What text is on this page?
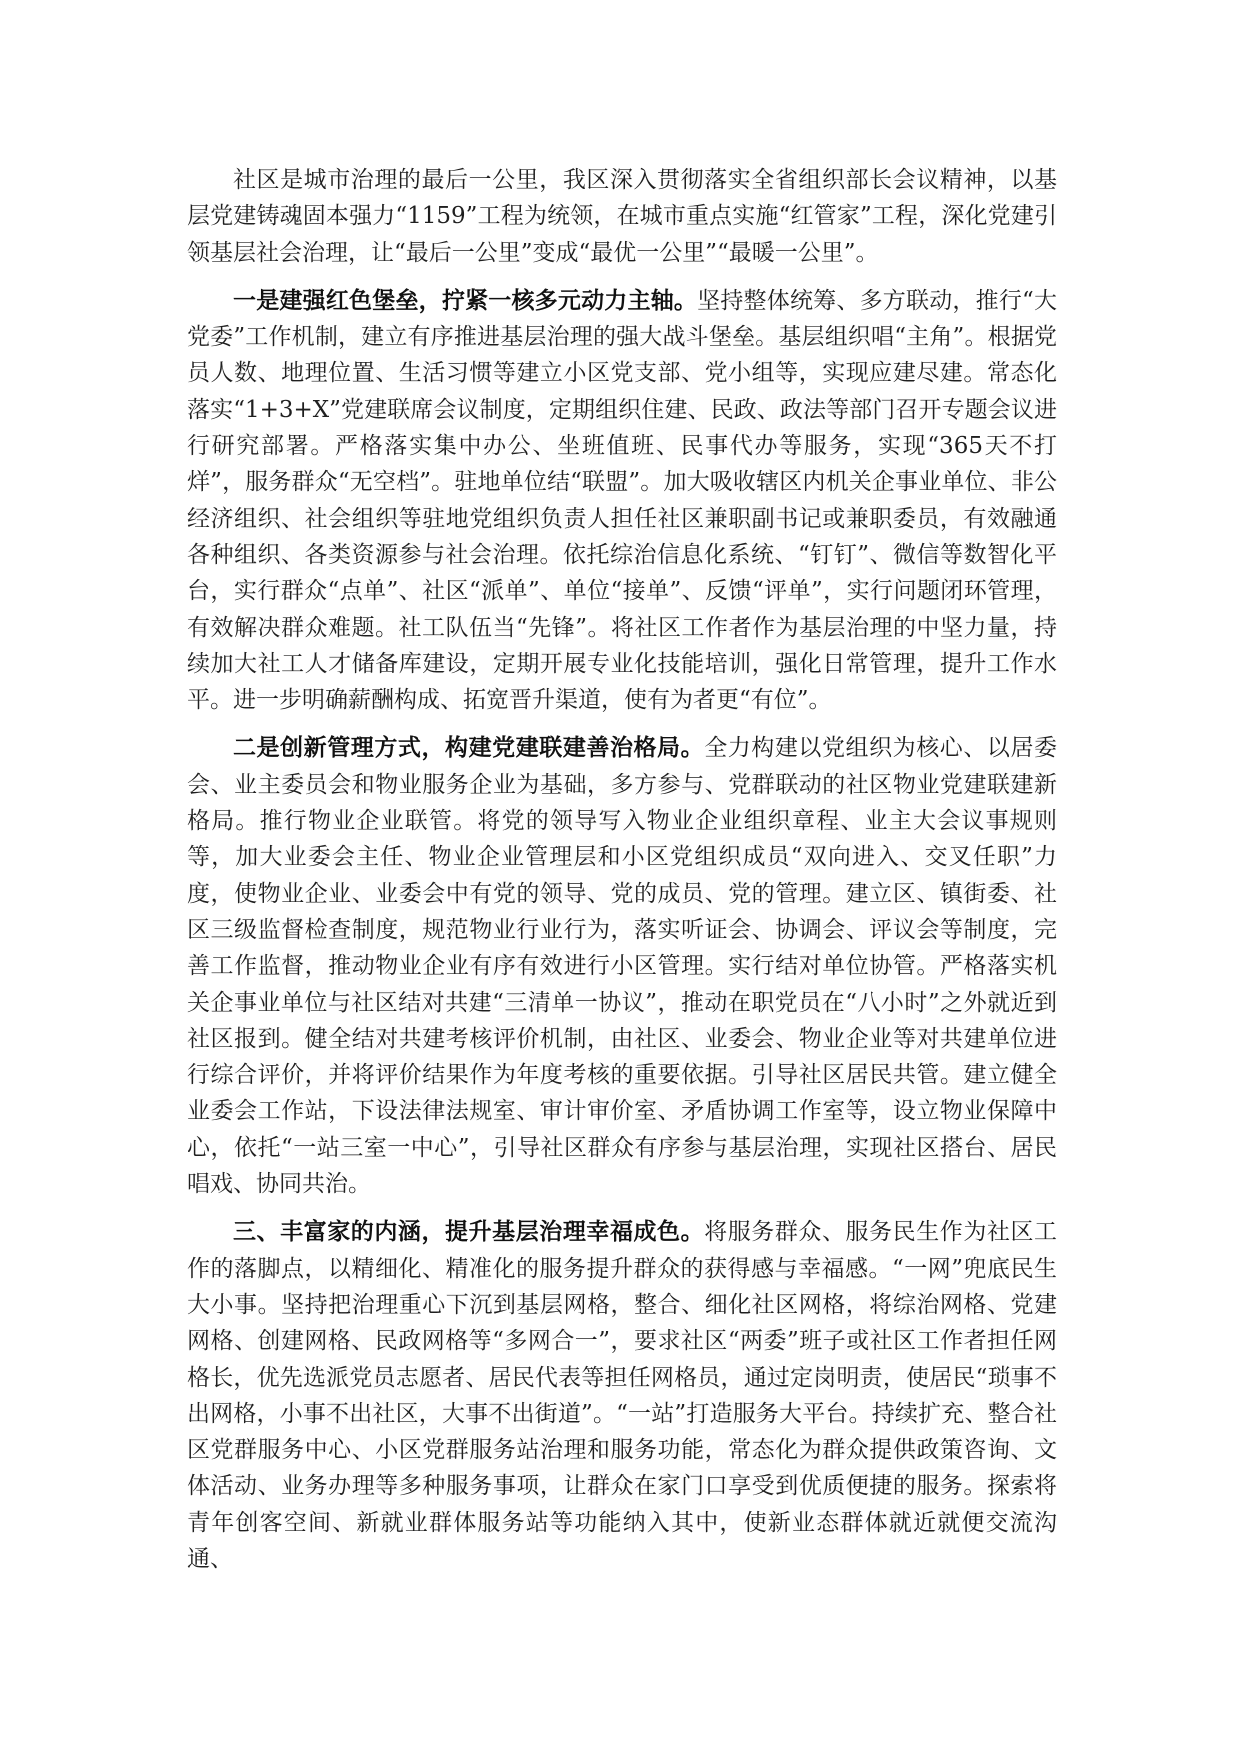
社区是城市治理的最后一公里，我区深入贯彻落实全省组织部长会议精神，以基层党建铸魂固本强力“1159”工程为统领，在城市重点实施“红管家”工程，深化党建引领基层社会治理，让“最后一公里”变成“最优一公里”“最暖一公里”。

一是建强红色堡垒，拧紧一核多元动力主轴。坚持整体统筹、多方联动，推行“大党委”工作机制，建立有序推进基层治理的强大战斗堡垒。基层组织唱“主角”。根据党员人数、地理位置、生活习惯等建立小区党支部、党小组等，实现应建尽建。常态化落实“1+3+X”党建联席会议制度，定期组织住建、民政、政法等部门召开专题会议进行研究部署。严格落实集中办公、坐班值班、民事代办等服务，实现“365天不打烊”，服务群众“无空档”。驻地单位结“联盟”。加大吸收辖区内机关企事业单位、非公经济组织、社会组织等驻地党组织负责人担任社区兼职副书记或兼职委员，有效融通各种组织、各类资源参与社会治理。依托综治信息化系统、“钉钉”、微信等数智化平台，实行群众“点单”、社区“派单”、单位“接单”、反馈“评单”，实行问题闭环管理，有效解决群众难题。社工队伍当“先锋”。将社区工作者作为基层治理的中坚力量，持续加大社工人才储备库建设，定期开展专业化技能培训，强化日常管理，提升工作水平。进一步明确薪酬构成、拓宽晋升渠道，使有为者更“有位”。

二是创新管理方式，构建党建联建善治格局。全力构建以党组织为核心、以居委会、业主委员会和物业服务企业为基础，多方参与、党群联动的社区物业党建联建新格局。推行物业企业联管。将党的领导写入物业企业组织章程、业主大会议事规则等，加大业委会主任、物业企业管理层和小区党组织成员“双向进入、交叉任职”力度，使物业企业、业委会中有党的领导、党的成员、党的管理。建立区、镇街委、社区三级监督检查制度，规范物业行业行为，落实听证会、协调会、评议会等制度，完善工作监督，推动物业企业有序有效进行小区管理。实行结对单位协管。严格落实机关企事业单位与社区结对共建“三清单一协议”，推动在职党员在“八小时”之外就近到社区报到。健全结对共建考核评价机制，由社区、业委会、物业企业等对共建单位进行综合评价，并将评价结果作为年度考核的重要依据。引导社区居民共管。建立健全业委会工作站，下设法律法规室、审计审价室、矛盾协调工作室等，设立物业保障中心，依托“一站三室一中心”，引导社区群众有序参与基层治理，实现社区搭台、居民唱戏、协同共治。

三、丰富家的内涵，提升基层治理幸福成色。将服务群众、服务民生作为社区工作的落脚点，以精细化、精准化的服务提升群众的获得感与幸福感。“一网”兜底民生大小事。坚持把治理重心下沉到基层网格，整合、细化社区网格，将综治网格、党建网格、创建网格、民政网格等“多网合一”，要求社区“两委”班子或社区工作者担任网格长，优先选派党员志愿者、居民代表等担任网格员，通过定岗明责，使居民“琐事不出网格，小事不出社区，大事不出街道”。“一站”打造服务大平台。持续扩充、整合社区党群服务中心、小区党群服务站治理和服务功能，常态化为群众提供政策咨询、文体活动、业务办理等多种服务事项，让群众在家门口享受到优质便捷的服务。探索将青年创客空间、新就业群体服务站等功能纳入其中，使新业态群体就近就便交流沟通、
